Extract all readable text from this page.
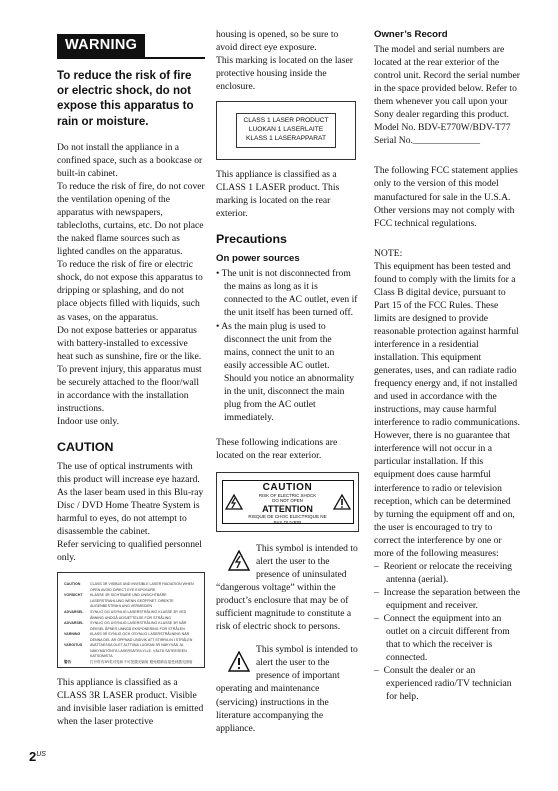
WARNING

To reduce the risk of fire or electric shock, do not expose this apparatus to rain or moisture.

Do not install the appliance in a confined space, such as a bookcase or built-in cabinet.

To reduce the risk of fire, do not cover the ventilation opening of the apparatus with newspapers, tablecloths, curtains, etc. Do not place the naked flame sources such as lighted candles on the apparatus.

To reduce the risk of fire or electric shock, do not expose this apparatus to dripping or splashing, and do not place objects filled with liquids, such as vases, on the apparatus.

Do not expose batteries or apparatus with battery-installed to excessive heat such as sunshine, fire or the like.

To prevent injury, this apparatus must be securely attached to the floor/wall in accordance with the installation instructions.

Indoor use only.

CAUTION

The use of optical instruments with this product will increase eye hazard. As the laser beam used in this Blu-ray Disc / DVD Home Theatre System is harmful to eyes, do not attempt to disassemble the cabinet.

Refer servicing to qualified personnel only.

CAUTION	CLASS 3R VISIBLE AND INVISIBLE LASER RADIATION WHEN OPEN AVOID DIRECT EYE EXPOSURE
VORSICHT	KLASSE 3R SICHTBARE UND UNSICHTBARE LASERSTRAHLUNG WENN GEÖFFNET. DIREKTE AUGENBESTRAHLUNG VERMEIDEN
ADVARSEL	SYNLIG OG USYNLIG LASERSTRÅLING KLASSE 3R VED ÅBNING UNDGÅ UDSÆTTELSE FOR STRÅLING
ADVARSEL	SYNLIG OG USYNLIG LASERSTRÅLING KLASSE 3R NÅR DEKSEL ÅPNES UNNGÅ EKSPONERING FOR STRÅLEN
VARNING	KLASS 3R SYNLIG OCH OSYNLIG LASERSTRÅLNING NÄR DENNA DEL ÄR ÖPPNAD UNDVIK ATT STIRRA IN I STRÅLEN
VAROITUS	AVATTAESSA OLET ALTTIINA LUOKAN 3R NÄKYVÄÄ JA NÄKYMÄTÖNTÄ LASERSÄTEILYLLE. VÄLTÄ SÄTEESEEN KATSOMISTA
警告	打开时有3R类可见和不可见激光辐射 避免眼睛直接受到激光照射

This appliance is classified as a CLASS 3R LASER product. Visible and invisible laser radiation is emitted when the laser protective

housing is opened, so be sure to avoid direct eye exposure.

This marking is located on the laser protective housing inside the enclosure.

CLASS 1 LASER PRODUCT
LUOKAN 1 LASERLAITE
KLASS 1 LASERAPPARAT

This appliance is classified as a CLASS 1 LASER product. This marking is located on the rear exterior.

Precautions
On power sources

• The unit is not disconnected from the mains as long as it is connected to the AC outlet, even if the unit itself has been turned off.

• As the main plug is used to disconnect the unit from the mains, connect the unit to an easily accessible AC outlet. Should you notice an abnormality in the unit, disconnect the main plug from the AC outlet immediately.

These following indications are located on the rear exterior.

CAUTION
RISK OF ELECTRIC SHOCK
DO NOT OPEN
ATTENTION
RISQUE DE CHOC ELECTRIQUE NE PAS OUVRIR

This symbol is intended to alert the user to the presence of uninsulated “dangerous voltage” within the product’s enclosure that may be of sufficient magnitude to constitute a risk of electric shock to persons.

This symbol is intended to alert the user to the presence of important operating and maintenance (servicing) instructions in the literature accompanying the appliance.

Owner’s Record

The model and serial numbers are located at the rear exterior of the control unit. Record the serial number in the space provided below. Refer to them whenever you call upon your Sony dealer regarding this product.

Model No. BDV-E770W/BDV-T77

Serial No.______________

The following FCC statement applies only to the version of this model manufactured for sale in the U.S.A. Other versions may not comply with FCC technical regulations.

NOTE:

This equipment has been tested and found to comply with the limits for a Class B digital device, pursuant to Part 15 of the FCC Rules. These limits are designed to provide reasonable protection against harmful interference in a residential installation. This equipment generates, uses, and can radiate radio frequency energy and, if not installed and used in accordance with the instructions, may cause harmful interference to radio communications. However, there is no guarantee that interference will not occur in a particular installation. If this equipment does cause harmful interference to radio or television reception, which can be determined by turning the equipment off and on, the user is encouraged to try to correct the interference by one or more of the following measures:

–  Reorient or relocate the receiving antenna (aerial).

–  Increase the separation between the equipment and receiver.

–  Connect the equipment into an outlet on a circuit different from that to which the receiver is connected.

–  Consult the dealer or an experienced radio/TV technician for help.

$2^{US}$
